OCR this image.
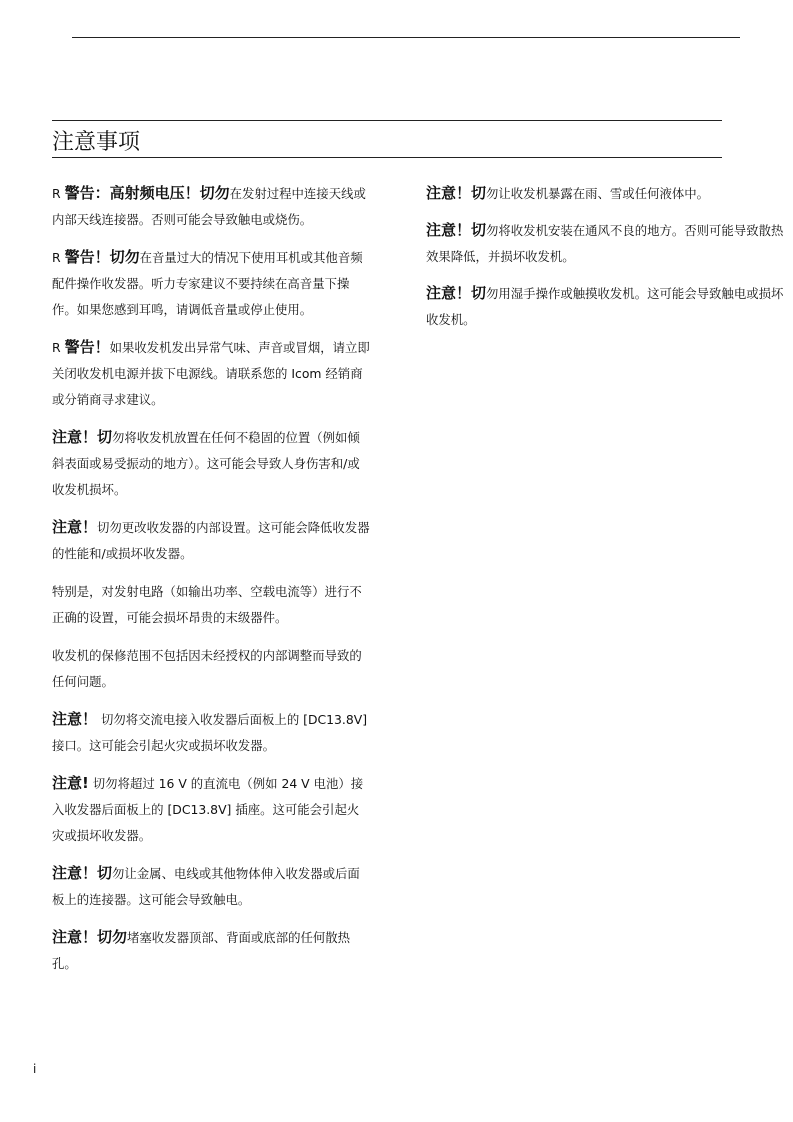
注意事项

R 警告：高射频电压！切勿在发射过程中连接天线或内部天线连接器。否则可能会导致触电或烧伤。

R 警告！切勿在音量过大的情况下使用耳机或其他音频配件操作收发器。听力专家建议不要持续在高音量下操作。如果您感到耳鸣，请调低音量或停止使用。

R 警告！如果收发机发出异常气味、声音或冒烟，请立即关闭收发机电源并拔下电源线。请联系您的 Icom 经销商或分销商寻求建议。

注意！切勿将收发机放置在任何不稳固的位置（例如倾斜表面或易受振动的地方）。这可能会导致人身伤害和/或收发机损坏。

注意！切勿更改收发器的内部设置。这可能会降低收发器的性能和/或损坏收发器。

特别是，对发射电路（如输出功率、空载电流等）进行不正确的设置，可能会损坏昂贵的末级器件。

收发机的保修范围不包括因未经授权的内部调整而导致的任何问题。

注意！ 切勿将交流电接入收发器后面板上的 [DC13.8V] 接口。这可能会引起火灾或损坏收发器。

注意! 切勿将超过 16 V 的直流电（例如 24 V 电池）接入收发器后面板上的 [DC13.8V] 插座。这可能会引起火灾或损坏收发器。

注意！切勿让金属、电线或其他物体伸入收发器或后面板上的连接器。这可能会导致触电。

注意！切勿堵塞收发器顶部、背面或底部的任何散热孔。

注意！切勿让收发机暴露在雨、雪或任何液体中。

注意！切勿将收发机安装在通风不良的地方。否则可能导致散热效果降低，并损坏收发机。

注意！切勿用湿手操作或触摸收发机。这可能会导致触电或损坏收发机。

i
